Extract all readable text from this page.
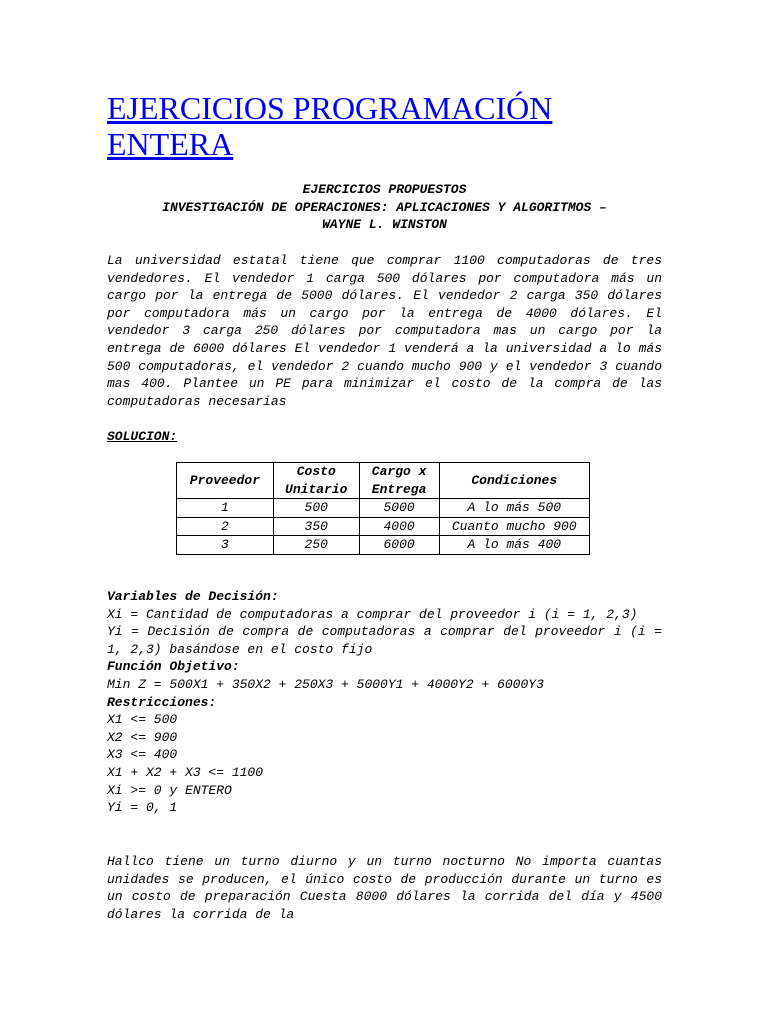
EJERCICIOS PROGRAMACIÓN ENTERA
EJERCICIOS PROPUESTOS
INVESTIGACIÓN DE OPERACIONES: APLICACIONES Y ALGORITMOS –
WAYNE L. WINSTON

La universidad estatal tiene que comprar 1100 computadoras de tres vendedores. El vendedor 1 carga 500 dólares por computadora más un cargo por la entrega de 5000 dólares. El vendedor 2 carga 350 dólares por computadora más un cargo por la entrega de 4000 dólares. El vendedor 3 carga 250 dólares por computadora mas un cargo por la entrega de 6000 dólares El vendedor 1 venderá a la universidad a lo más 500 computadoras, el vendedor 2 cuando mucho 900 y el vendedor 3 cuando mas 400. Plantee un PE para minimizar el costo de la compra de las computadoras necesarias

SOLUCION:
Proveedor	Costo Unitario	Cargo x Entrega	Condiciones
1	500	5000	A lo más 500
2	350	4000	Cuanto mucho 900
3	250	6000	A lo más 400
Variables de Decisión:
Xi = Cantidad de computadoras a comprar del proveedor i (i = 1, 2,3)
Yi = Decisión de compra de computadoras a comprar del proveedor i (i = 1, 2,3) basándose en el costo fijo
Función Objetivo:
Min Z = 500X1 + 350X2 + 250X3 + 5000Y1 + 4000Y2 + 6000Y3
Restricciones:
X1 <= 500
X2 <= 900
X3 <= 400
X1 + X2 + X3 <= 1100
Xi >= 0 y ENTERO
Yi = 0, 1

Hallco tiene un turno diurno y un turno nocturno No importa cuantas unidades se producen, el único costo de producción durante un turno es un costo de preparación Cuesta 8000 dólares la corrida del día y 4500 dólares la corrida de la
